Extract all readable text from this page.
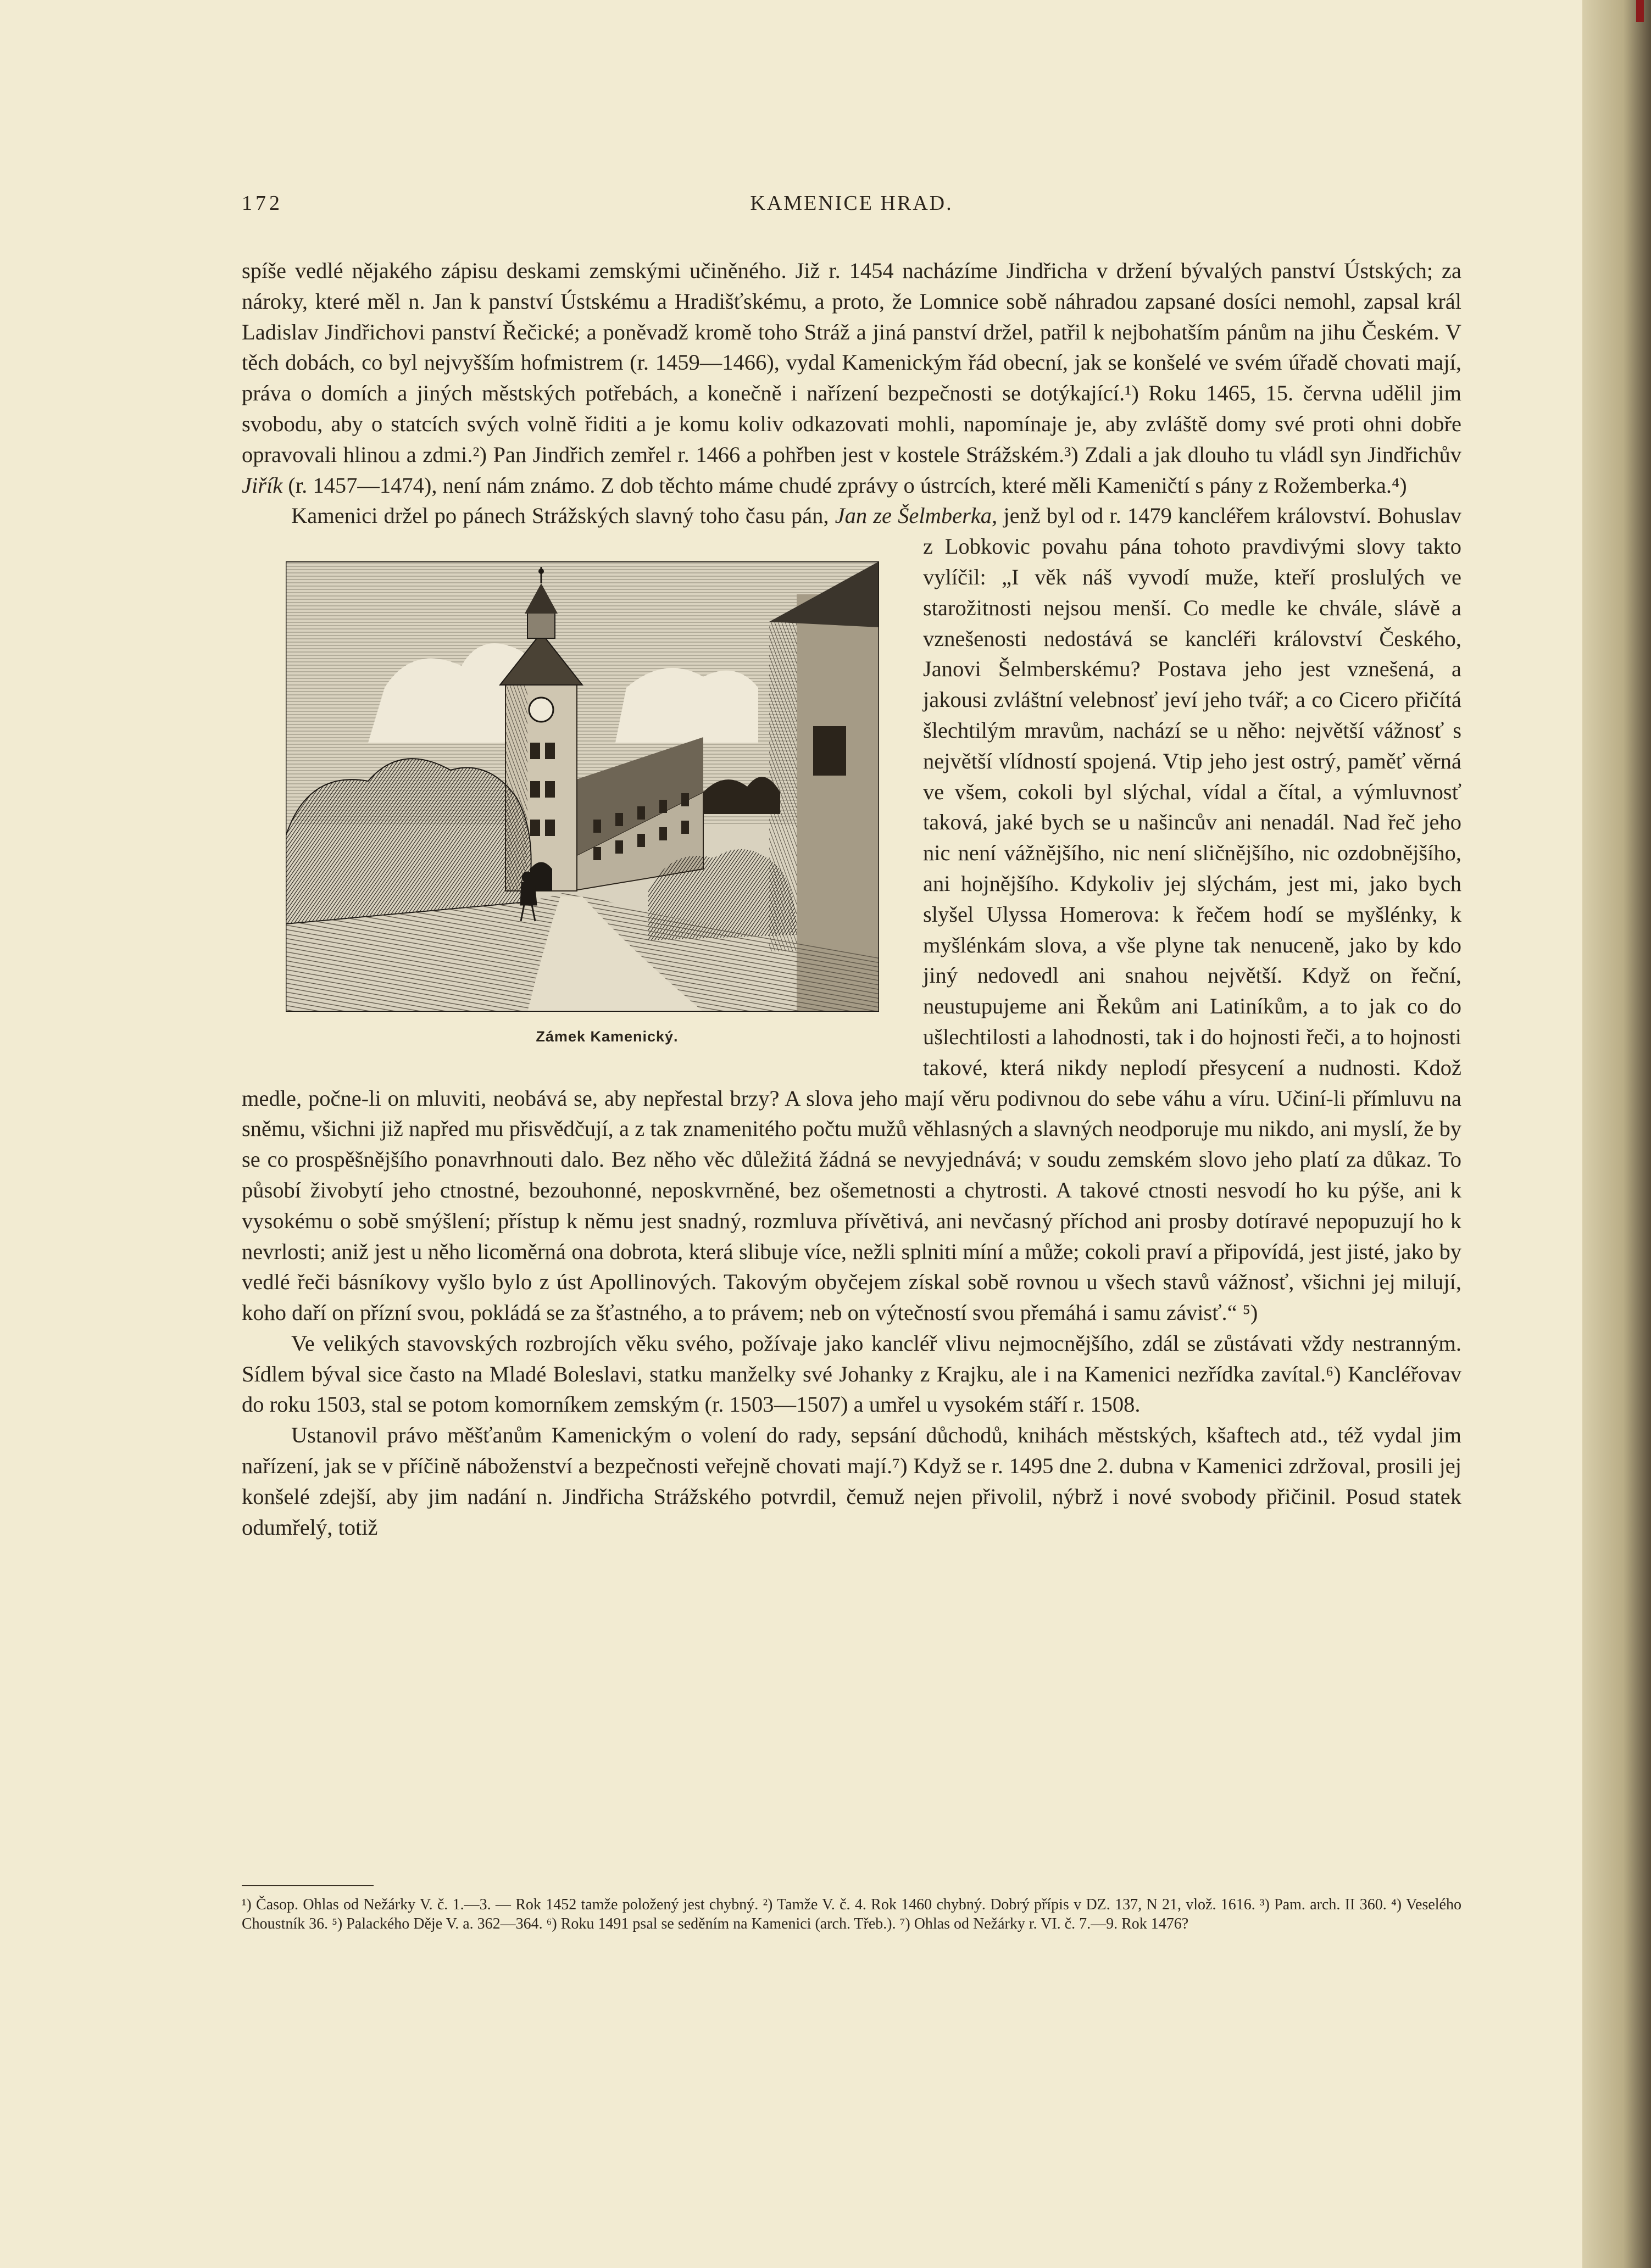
172	KAMENICE HRAD.

spíše vedlé nějakého zápisu deskami zemskými učiněného. Již r. 1454 nacházíme Jindřicha v držení bývalých panství Ústských; za nároky, které měl n. Jan k panství Ústskému a Hradišťskému, a proto, že Lomnice sobě náhradou zapsané dosíci nemohl, zapsal král Ladislav Jindřichovi panství Řečické; a poněvadž kromě toho Stráž a jiná panství držel, patřil k nejbohatším pánům na jihu Českém. V těch dobách, co byl nejvyšším hofmistrem (r. 1459—1466), vydal Kamenickým řád obecní, jak se konšelé ve svém úřadě chovati mají, práva o domích a jiných městských potřebách, a konečně i nařízení bezpečnosti se dotýkající.¹) Roku 1465, 15. června udělil jim svobodu, aby o statcích svých volně řiditi a je komu koliv odkazovati mohli, napomínaje je, aby zvláště domy své proti ohni dobře opravovali hlinou a zdmi.²) Pan Jindřich zemřel r. 1466 a pohřben jest v kostele Strážském.³) Zdali a jak dlouho tu vládl syn Jindřichův Jiřík (r. 1457—1474), není nám známo. Z dob těchto máme chudé zprávy o ústrcích, které měli Kameničtí s pány z Rožemberka.⁴)

Kamenici držel po pánech Strážských slavný toho času pán, Jan ze Šelmberka,
Zámek Kamenický.
jenž byl od r. 1479 kancléřem království. Bohuslav z Lobkovic povahu pána tohoto pravdivými slovy takto vylíčil: „I věk náš vyvodí muže, kteří proslulých ve starožitnosti nejsou menší. Co medle ke chvále, slávě a vznešenosti nedostává se kancléři království Českého, Janovi Šelmberskému? Postava jeho jest vznešená, a jakousi zvláštní velebnosť jeví jeho tvář; a co Cicero přičítá šlechtilým mravům, nachází se u něho: největší vážnosť s největší vlídností spojená. Vtip jeho jest ostrý, paměť věrná ve všem, cokoli byl slýchal, vídal a čítal, a výmluvnosť taková, jaké bych se u našincův ani nenadál. Nad řeč jeho nic není vážnějšího, nic není sličnějšího, nic ozdobnějšího, ani hojnějšího. Kdykoliv jej slýchám, jest mi, jako bych slyšel Ulyssa Homerova: k řečem hodí se myšlénky, k myšlénkám slova, a vše plyne tak nenuceně, jako by kdo jiný nedovedl ani snahou největší. Když on řeční, neustupujeme ani Řekům ani Latiníkům, a to jak co do ušlechtilosti a lahodnosti, tak i do hojnosti řeči, a to hojnosti takové, která nikdy neplodí přesycení a nudnosti. Kdož medle, počne-li on mluviti, neobává se, aby nepřestal brzy? A slova jeho mají věru podivnou do sebe váhu a víru. Učiní-li přímluvu na sněmu, všichni již napřed mu přisvědčují, a z tak znamenitého počtu mužů věhlasných a slavných neodporuje mu nikdo, ani myslí, že by se co prospěšnějšího ponavrhnouti dalo. Bez něho věc důležitá žádná se nevyjednává; v soudu zemském slovo jeho platí za důkaz. To působí živobytí jeho ctnostné, bezouhonné, neposkvrněné, bez ošemetnosti a chytrosti. A takové ctnosti nesvodí ho ku pýše, ani k vysokému o sobě smýšlení; přístup k němu jest snadný, rozmluva přívětivá, ani nevčasný příchod ani prosby dotíravé nepopuzují ho k nevrlosti; aniž jest u něho licoměrná ona dobrota, která slibuje více, nežli splniti míní a může; cokoli praví a připovídá, jest jisté, jako by vedlé řeči básníkovy vyšlo bylo z úst Apollinových. Takovým obyčejem získal sobě rovnou u všech stavů vážnosť, všichni jej milují, koho daří on přízní svou, pokládá se za šťastného, a to právem; neb on výtečností svou přemáhá i samu závisť.“ ⁵)

Ve velikých stavovských rozbrojích věku svého, požívaje jako kancléř vlivu nejmocnějšího, zdál se zůstávati vždy nestranným. Sídlem býval sice často na Mladé Boleslavi, statku manželky své Johanky z Krajku, ale i na Kamenici nezřídka zavítal.⁶) Kancléřovav do roku 1503, stal se potom komorníkem zemským (r. 1503—1507) a umřel u vysokém stáří r. 1508.

Ustanovil právo měšťanům Kamenickým o volení do rady, sepsání důchodů, knihách městských, kšaftech atd., též vydal jim nařízení, jak se v příčině náboženství a bezpečnosti veřejně chovati mají.⁷) Když se r. 1495 dne 2. dubna v Kamenici zdržoval, prosili jej konšelé zdejší, aby jim nadání n. Jindřicha Strážského potvrdil, čemuž nejen přivolil, nýbrž i nové svobody přičinil. Posud statek odumřelý, totiž

¹) Časop. Ohlas od Nežárky V. č. 1.—3. — Rok 1452 tamže položený jest chybný. ²) Tamže V. č. 4. Rok 1460 chybný. Dobrý přípis v DZ. 137, N 21, vlož. 1616. ³) Pam. arch. II 360. ⁴) Veselého Choustník 36. ⁵) Palackého Děje V. a. 362—364. ⁶) Roku 1491 psal se seděním na Kamenici (arch. Třeb.). ⁷) Ohlas od Nežárky r. VI. č. 7.—9. Rok 1476?
